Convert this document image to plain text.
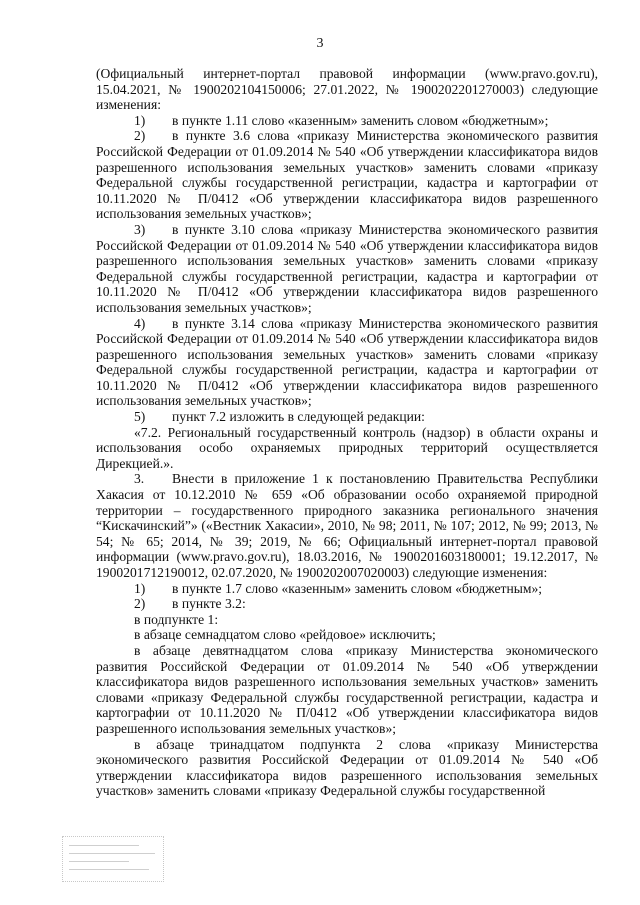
3

(Официальный интернет-портал правовой информации (www.pravo.gov.ru), 15.04.2021, № 1900202104150006; 27.01.2022, № 1900202201270003) следующие изменения:

1) в пункте 1.11 слово «казенным» заменить словом «бюджетным»;

2) в пункте 3.6 слова «приказу Министерства экономического развития Российской Федерации от 01.09.2014 № 540 «Об утверждении классификатора видов разрешенного использования земельных участков» заменить словами «приказу Федеральной службы государственной регистрации, кадастра и картографии от 10.11.2020 № П/0412 «Об утверждении классификатора видов разрешенного использования земельных участков»;

3) в пункте 3.10 слова «приказу Министерства экономического развития Российской Федерации от 01.09.2014 № 540 «Об утверждении классификатора видов разрешенного использования земельных участков» заменить словами «приказу Федеральной службы государственной регистрации, кадастра и картографии от 10.11.2020 № П/0412 «Об утверждении классификатора видов разрешенного использования земельных участков»;

4) в пункте 3.14 слова «приказу Министерства экономического развития Российской Федерации от 01.09.2014 № 540 «Об утверждении классификатора видов разрешенного использования земельных участков» заменить словами «приказу Федеральной службы государственной регистрации, кадастра и картографии от 10.11.2020 № П/0412 «Об утверждении классификатора видов разрешенного использования земельных участков»;

5) пункт 7.2 изложить в следующей редакции:

«7.2. Региональный государственный контроль (надзор) в области охраны и использования особо охраняемых природных территорий осуществляется Дирекцией.».

3. Внести в приложение 1 к постановлению Правительства Республики Хакасия от 10.12.2010 № 659 «Об образовании особо охраняемой природной территории – государственного природного заказника регионального значения “Кискачинский”» («Вестник Хакасии», 2010, № 98; 2011, № 107; 2012, № 99; 2013, № 54; № 65; 2014, № 39; 2019, № 66; Официальный интернет-портал правовой информации (www.pravo.gov.ru), 18.03.2016, № 1900201603180001; 19.12.2017, № 1900201712190012, 02.07.2020, № 1900202007020003) следующие изменения:

1) в пункте 1.7 слово «казенным» заменить словом «бюджетным»;

2) в пункте 3.2:

в подпункте 1:

в абзаце семнадцатом слово «рейдовое» исключить;

в абзаце девятнадцатом слова «приказу Министерства экономического развития Российской Федерации от 01.09.2014 № 540 «Об утверждении классификатора видов разрешенного использования земельных участков» заменить словами «приказу Федеральной службы государственной регистрации, кадастра и картографии от 10.11.2020 № П/0412 «Об утверждении классификатора видов разрешенного использования земельных участков»;

в абзаце тринадцатом подпункта 2 слова «приказу Министерства экономического развития Российской Федерации от 01.09.2014 № 540 «Об утверждении классификатора видов разрешенного использования земельных участков» заменить словами «приказу Федеральной службы государственной
